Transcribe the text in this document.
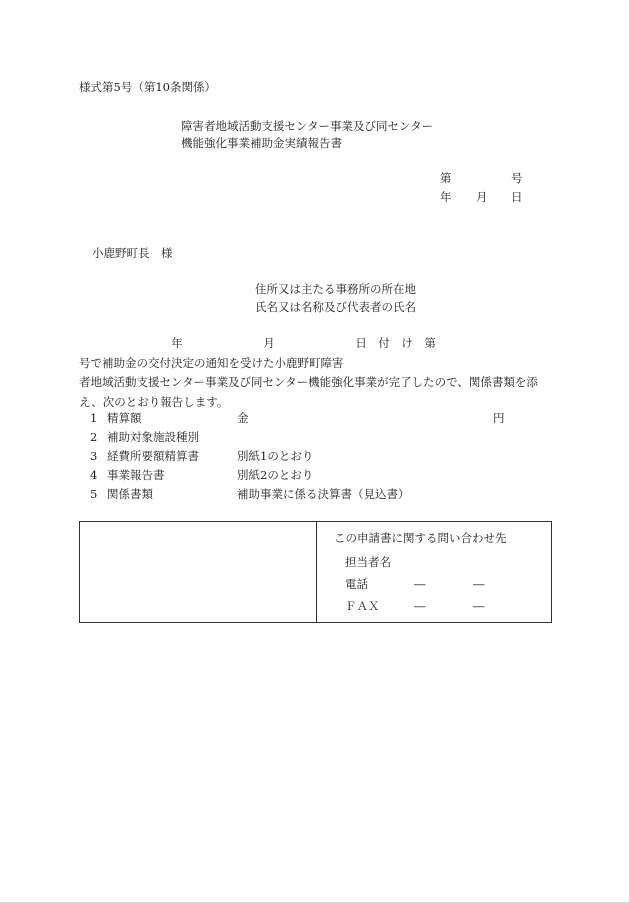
様式第5号（第10条関係）
障害者地域活動支援センター事業及び同センター
機能強化事業補助金実績報告書
第	号
年 月 日
小鹿野町長　様
住所又は主たる事務所の所在地
氏名又は名称及び代表者の氏名
　　　　年　　　	月　　　	日付け第　　　　　号で補助金の交付決定の通知を受けた小鹿野町障害
者地域活動支援センター事業及び同センター機能強化事業が完了したので、関係書類を添
え、次のとおり報告します。
1 精算額	金	円
2 補助対象施設種別
3 経費所要額精算書	別紙1のとおり
4 事業報告書	別紙2のとおり
5 関係書類	補助事業に係る決算書（見込書）
この申請書に関する問い合わせ先
担当者名
電話	―	―
ＦＡＸ	―	―
